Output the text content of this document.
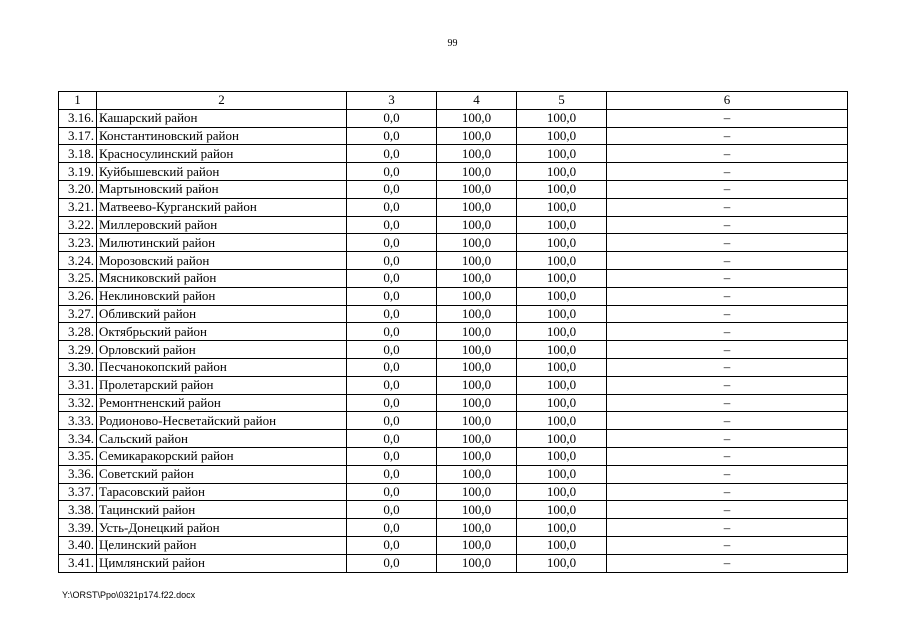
99
1	2	3	4	5	6
3.16.	Кашарский район	0,0	100,0	100,0	–
3.17.	Константиновский район	0,0	100,0	100,0	–
3.18.	Красносулинский район	0,0	100,0	100,0	–
3.19.	Куйбышевский район	0,0	100,0	100,0	–
3.20.	Мартыновский район	0,0	100,0	100,0	–
3.21.	Матвеево-Курганский район	0,0	100,0	100,0	–
3.22.	Миллеровский район	0,0	100,0	100,0	–
3.23.	Милютинский район	0,0	100,0	100,0	–
3.24.	Морозовский район	0,0	100,0	100,0	–
3.25.	Мясниковский район	0,0	100,0	100,0	–
3.26.	Неклиновский район	0,0	100,0	100,0	–
3.27.	Обливский район	0,0	100,0	100,0	–
3.28.	Октябрьский район	0,0	100,0	100,0	–
3.29.	Орловский район	0,0	100,0	100,0	–
3.30.	Песчанокопский район	0,0	100,0	100,0	–
3.31.	Пролетарский район	0,0	100,0	100,0	–
3.32.	Ремонтненский район	0,0	100,0	100,0	–
3.33.	Родионово-Несветайский район	0,0	100,0	100,0	–
3.34.	Сальский район	0,0	100,0	100,0	–
3.35.	Семикаракорский район	0,0	100,0	100,0	–
3.36.	Советский район	0,0	100,0	100,0	–
3.37.	Тарасовский район	0,0	100,0	100,0	–
3.38.	Тацинский район	0,0	100,0	100,0	–
3.39.	Усть-Донецкий район	0,0	100,0	100,0	–
3.40.	Целинский район	0,0	100,0	100,0	–
3.41.	Цимлянский район	0,0	100,0	100,0	–
Y:\ORST\Ppo\0321p174.f22.docx
